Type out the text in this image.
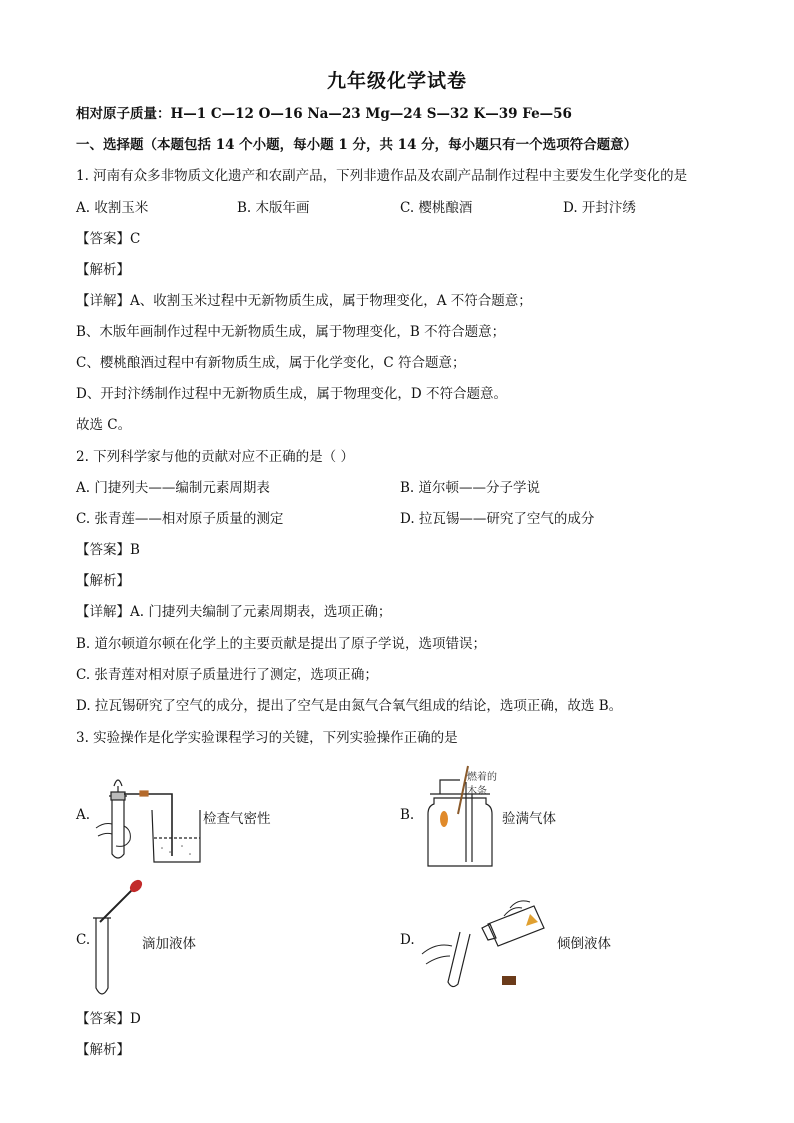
九年级化学试卷
相对原子质量：H—1 C—12 O—16 Na—23 Mg—24 S—32 K—39 Fe—56
一、选择题（本题包括 14 个小题，每小题 1 分，共 14 分，每小题只有一个选项符合题意）
1. 河南有众多非物质文化遗产和农副产品，下列非遗作品及农副产品制作过程中主要发生化学变化的是
A. 收割玉米	B. 木版年画	C. 樱桃酿酒	D. 开封汴绣
【答案】C
【解析】
【详解】A、收割玉米过程中无新物质生成，属于物理变化，A 不符合题意；
B、木版年画制作过程中无新物质生成，属于物理变化，B 不符合题意；
C、樱桃酿酒过程中有新物质生成，属于化学变化，C 符合题意；
D、开封汴绣制作过程中无新物质生成，属于物理变化，D 不符合题意。
故选 C。
2. 下列科学家与他的贡献对应不正确的是（ ）
A. 门捷列夫——编制元素周期表	B. 道尔顿——分子学说
C. 张青莲——相对原子质量的测定	D. 拉瓦锡——研究了空气的成分
【答案】B
【解析】
【详解】A. 门捷列夫编制了元素周期表，选项正确；
B. 道尔顿道尔顿在化学上的主要贡献是提出了原子学说，选项错误；
C. 张青莲对相对原子质量进行了测定，选项正确；
D. 拉瓦锡研究了空气的成分，提出了空气是由氮气合氧气组成的结论，选项正确，故选 B。
3. 实验操作是化学实验课程学习的关键，下列实验操作正确的是
A.	检查气密性	B.
燃着的
木条
验满气体
C.	滴加液体	D.	倾倒液体
【答案】D
【解析】
